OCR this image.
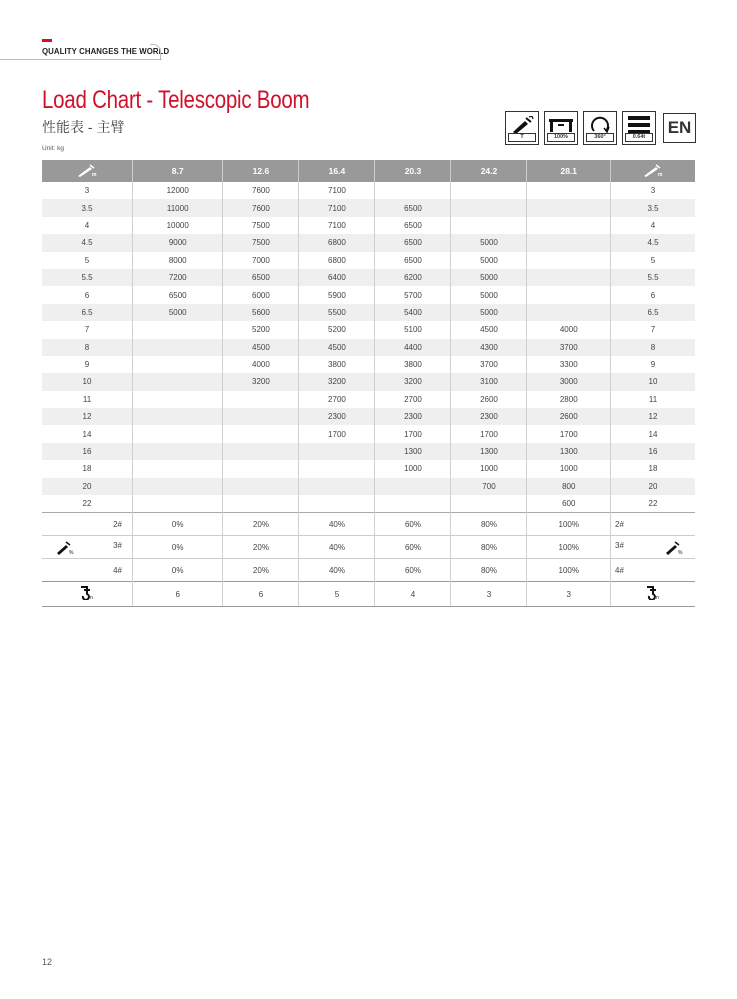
QUALITY CHANGES THE WORLD
Load Chart - Telescopic Boom
性能表 - 主臂
Unit: kg
T	100%	360°	0.64t	EN
m	8.7	12.6	16.4	20.3	24.2	28.1	m

3	12000	7600	7100				3
3.5	11000	7600	7100	6500			3.5
4	10000	7500	7100	6500			4
4.5	9000	7500	6800	6500	5000		4.5
5	8000	7000	6800	6500	5000		5
5.5	7200	6500	6400	6200	5000		5.5
6	6500	6000	5900	5700	5000		6
6.5	5000	5600	5500	5400	5000		6.5
7		5200	5200	5100	4500	4000	7
8		4500	4500	4400	4300	3700	8
9		4000	3800	3800	3700	3300	9
10		3200	3200	3200	3100	3000	10
11			2700	2700	2600	2800	11
12			2300	2300	2300	2600	12
14			1700	1700	1700	1700	14
16				1300	1300	1300	16
18				1000	1000	1000	18
20					700	800	20
22						600	22
2#	0%	20%	40%	60%	80%	100%	2#

%
3#	0%	20%	40%	60%	80%	100%	3#
%

4#	0%	20%	40%	60%	80%	100%	4#

n	6	6	5	4	3	3	n
12
